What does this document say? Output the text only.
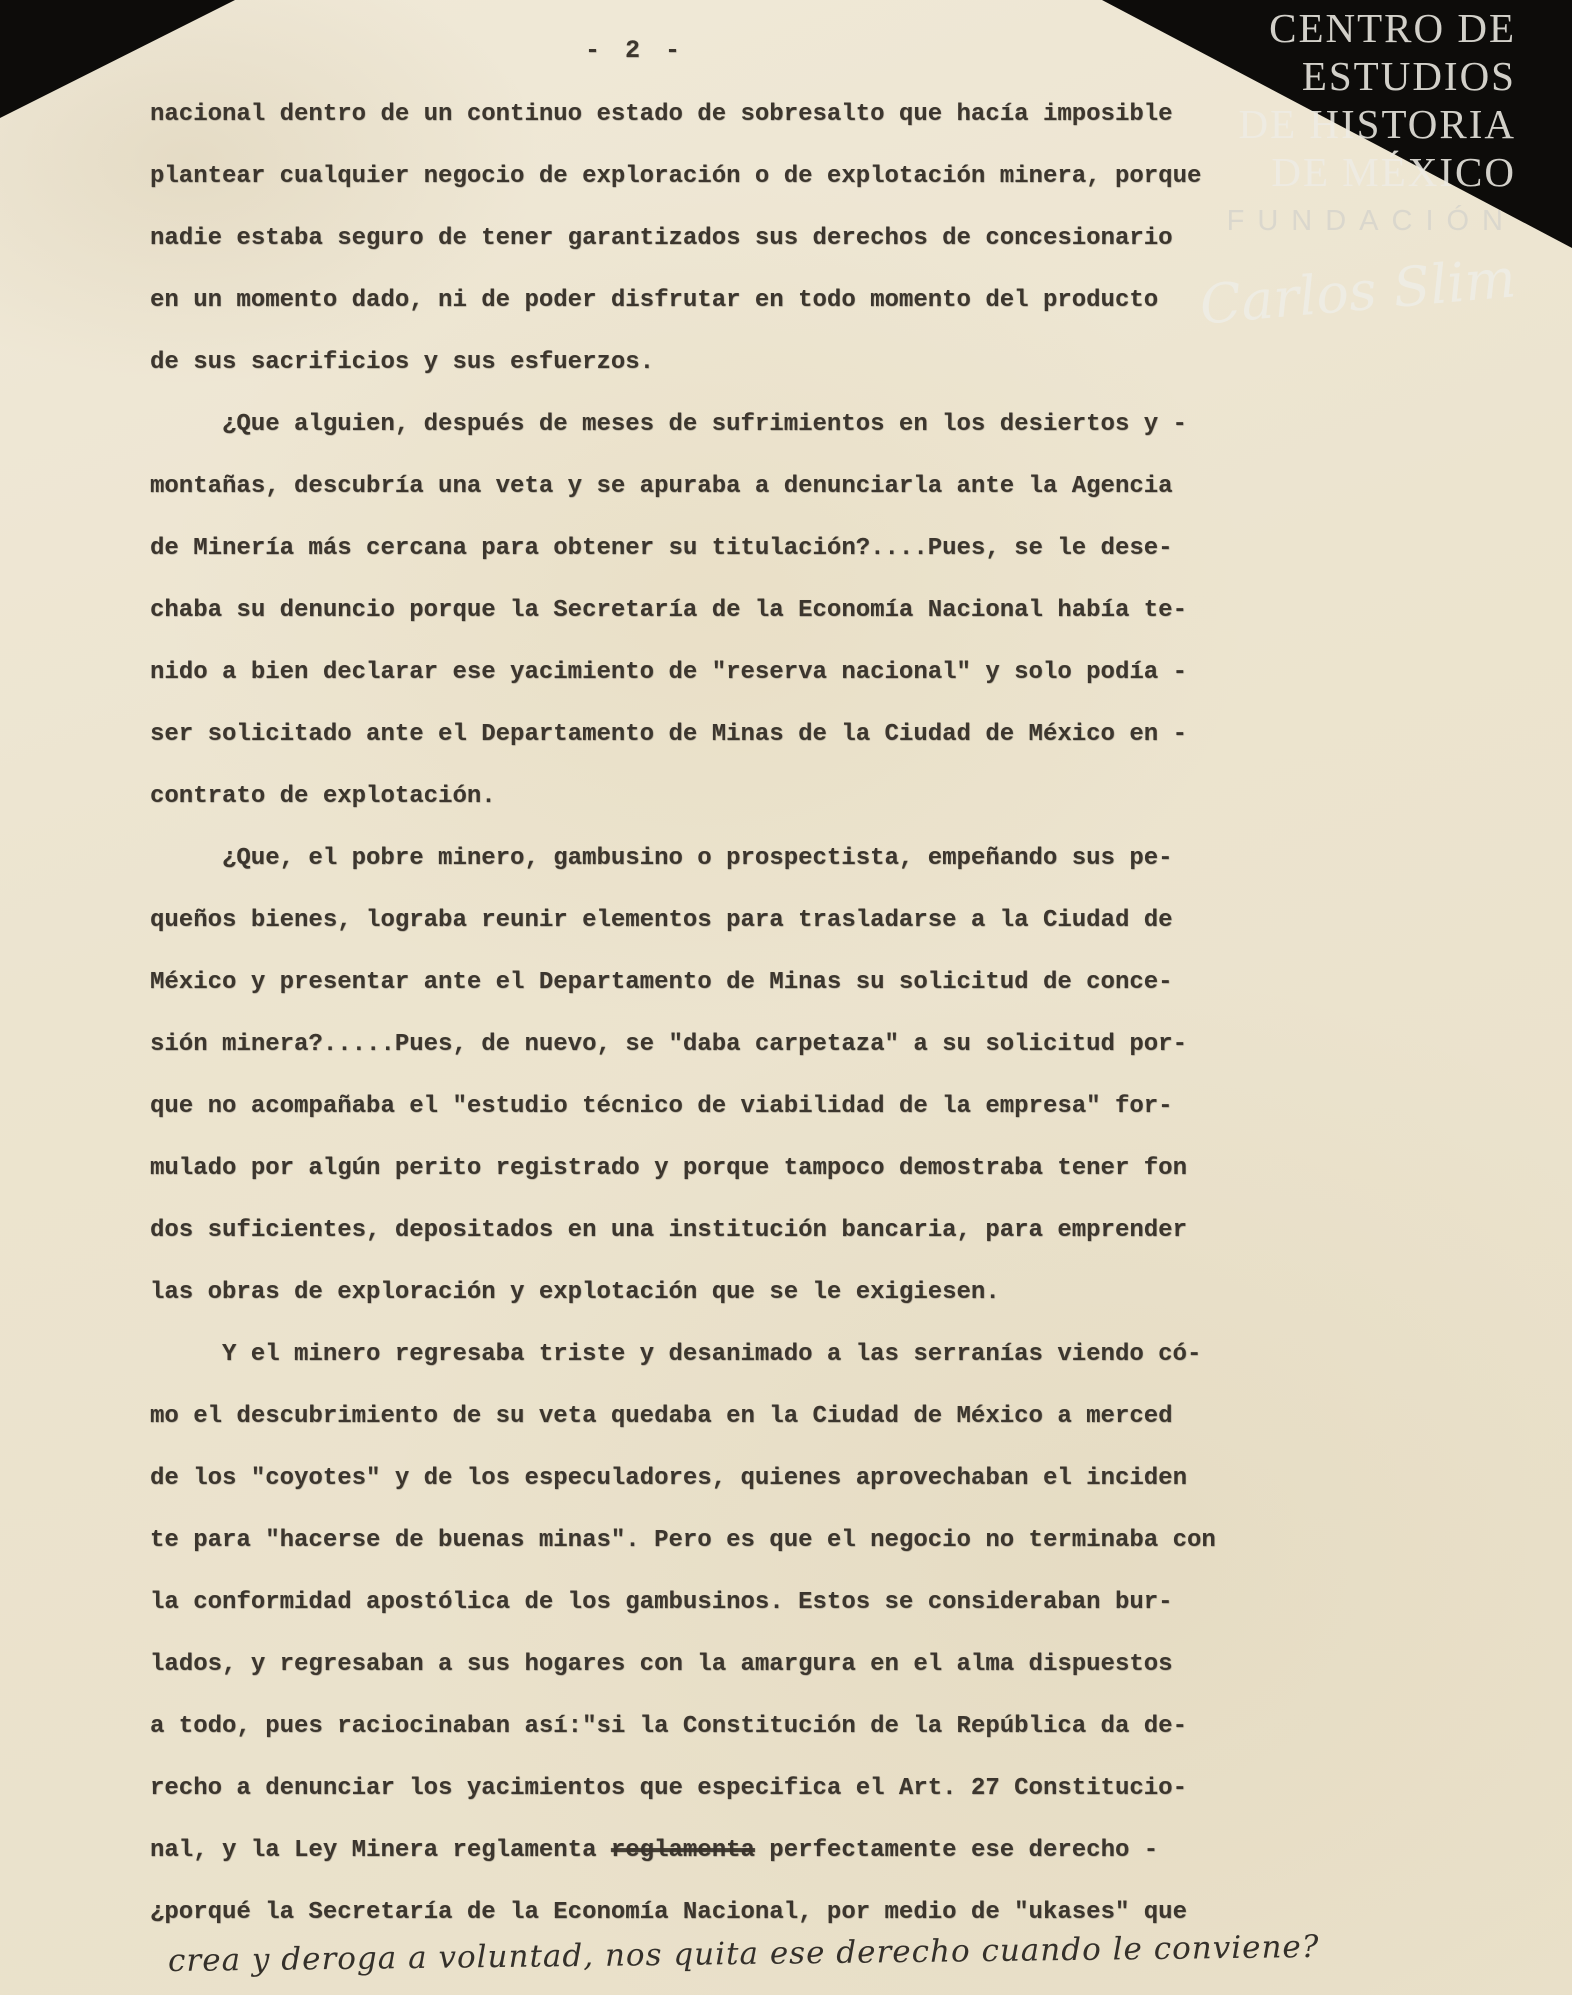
CENTRO DE
ESTUDIOS
DE HISTORIA
DE MÉXICO
FUNDACIÓN
Carlos Slim
- 2 -
nacional dentro de un continuo estado de sobresalto que hacía imposible
plantear cualquier negocio de exploración o de explotación minera, porque
nadie estaba seguro de tener garantizados sus derechos de concesionario
en un momento dado, ni de poder disfrutar en todo momento del producto
de sus sacrificios y sus esfuerzos.
¿Que alguien, después de meses de sufrimientos en los desiertos y -
montañas, descubría una veta y se apuraba a denunciarla ante la Agencia
de Minería más cercana para obtener su titulación?....Pues, se le dese-
chaba su denuncio porque la Secretaría de la Economía Nacional había te-
nido a bien declarar ese yacimiento de "reserva nacional" y solo podía -
ser solicitado ante el Departamento de Minas de la Ciudad de México en -
contrato de explotación.
¿Que, el pobre minero, gambusino o prospectista, empeñando sus pe-
queños bienes, lograba reunir elementos para trasladarse a la Ciudad de
México y presentar ante el Departamento de Minas su solicitud de conce-
sión minera?.....Pues, de nuevo, se "daba carpetaza" a su solicitud por-
que no acompañaba el "estudio técnico de viabilidad de la empresa" for-
mulado por algún perito registrado y porque tampoco demostraba tener fon
dos suficientes, depositados en una institución bancaria, para emprender
las obras de exploración y explotación que se le exigiesen.
Y el minero regresaba triste y desanimado a las serranías viendo có-
mo el descubrimiento de su veta quedaba en la Ciudad de México a merced
de los "coyotes" y de los especuladores, quienes aprovechaban el inciden
te para "hacerse de buenas minas". Pero es que el negocio no terminaba con
la conformidad apostólica de los gambusinos. Estos se consideraban bur-
lados, y regresaban a sus hogares con la amargura en el alma dispuestos
a todo, pues raciocinaban así:"si la Constitución de la República da de-
recho a denunciar los yacimientos que especifica el Art. 27 Constitucio-
nal, y la Ley Minera reglamenta reglamenta perfectamente ese derecho -
¿porqué la Secretaría de la Economía Nacional, por medio de "ukases" que
crea y deroga a voluntad, nos quita ese derecho cuando le conviene?
